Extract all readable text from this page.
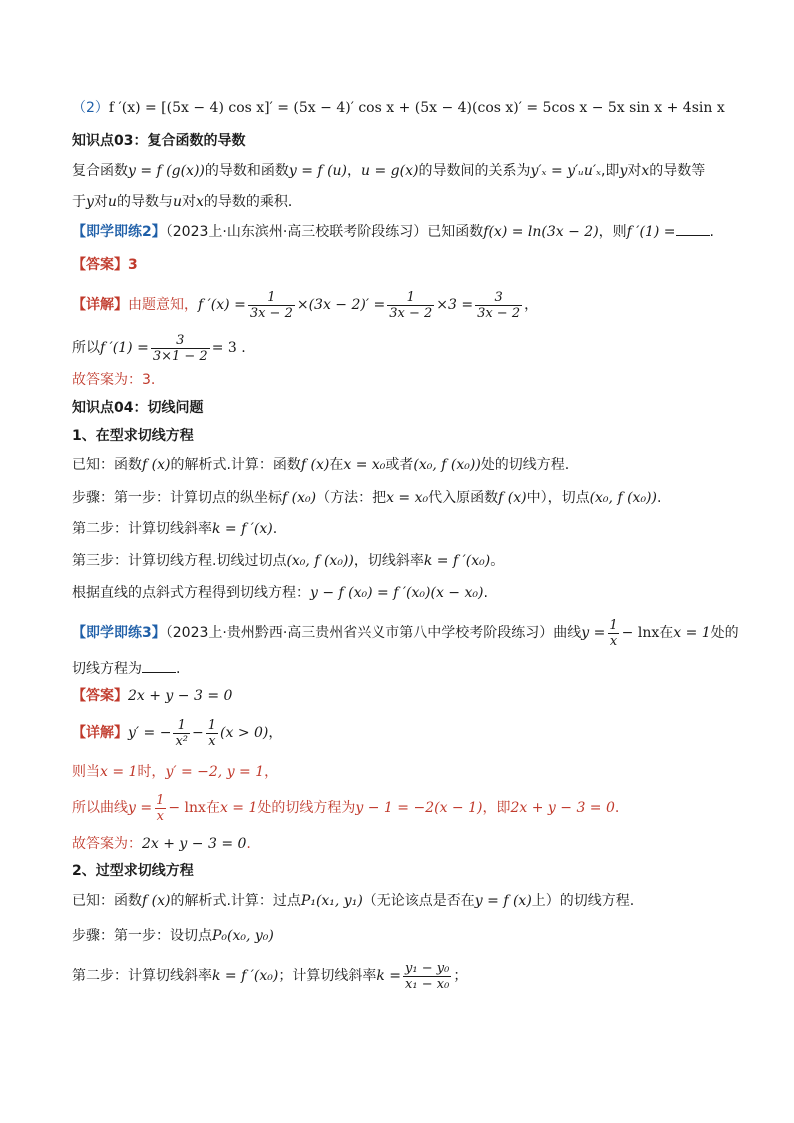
（2）f ′(x) = [(5x − 4) cos x]′ = (5x − 4)′ cos x + (5x − 4)(cos x)′ = 5cos x − 5x sin x + 4sin x
知识点03：复合函数的导数
复合函数y = f (g(x))的导数和函数y = f (u)，u = g(x)的导数间的关系为y′ₓ = y′ᵤu′ₓ,即y对x的导数等
于y对u的导数与u对x的导数的乘积．
【即学即练2】（2023上·山东滨州·高三校联考阶段练习）已知函数f(x) = ln(3x − 2)，则f ′(1) = .
【答案】3
【详解】由题意知，f $'(x) = \frac{1}{3x - 2} \times(3x - 2)' = \frac{1}{3x - 2} \times 3 = \frac{3}{3x - 2}$ ，
所以f $'(1) = \frac{3}{3\times 1 - 2} = 3$ .
故答案为：3.
知识点04：切线问题
1、在型求切线方程
已知：函数f (x)的解析式.计算：函数f (x)在x = x₀或者(x₀, f (x₀))处的切线方程.
步骤：第一步：计算切点的纵坐标f (x₀)（方法：把x = x₀代入原函数f (x)中），切点(x₀, f (x₀)).
第二步：计算切线斜率k = f ′(x).
第三步：计算切线方程.切线过切点(x₀, f (x₀))，切线斜率k = f ′(x₀)。
根据直线的点斜式方程得到切线方程：y − f (x₀) = f ′(x₀)(x − x₀).
【即学即练3】（2023上·贵州黔西·高三贵州省兴义市第八中学校考阶段练习）曲线$y = \frac{1}{x} - \ln x$在x = 1处的
切线方程为 .
【答案】2x + y − 3 = 0
【详解】y′ = − $\frac{1}{\text{x²}} - \frac{1}{x} (x > 0)$，
则当x = 1时，y′ = −2, y = 1，
所以曲线$y = \frac{1}{x} - \ln x$在x = 1处的切线方程为y − 1 = −2(x − 1)，即2x + y − 3 = 0.
故答案为：2x + y − 3 = 0.
2、过型求切线方程
已知：函数f (x)的解析式.计算：过点P₁(x₁, y₁)（无论该点是否在y = f (x)上）的切线方程.
步骤：第一步：设切点P₀(x₀, y₀)
第二步：计算切线斜率k = f ′(x₀)；计算切线斜率$k = \frac{\text{y₁ − y₀}}{\text{x₁ − x₀}}$ ；
